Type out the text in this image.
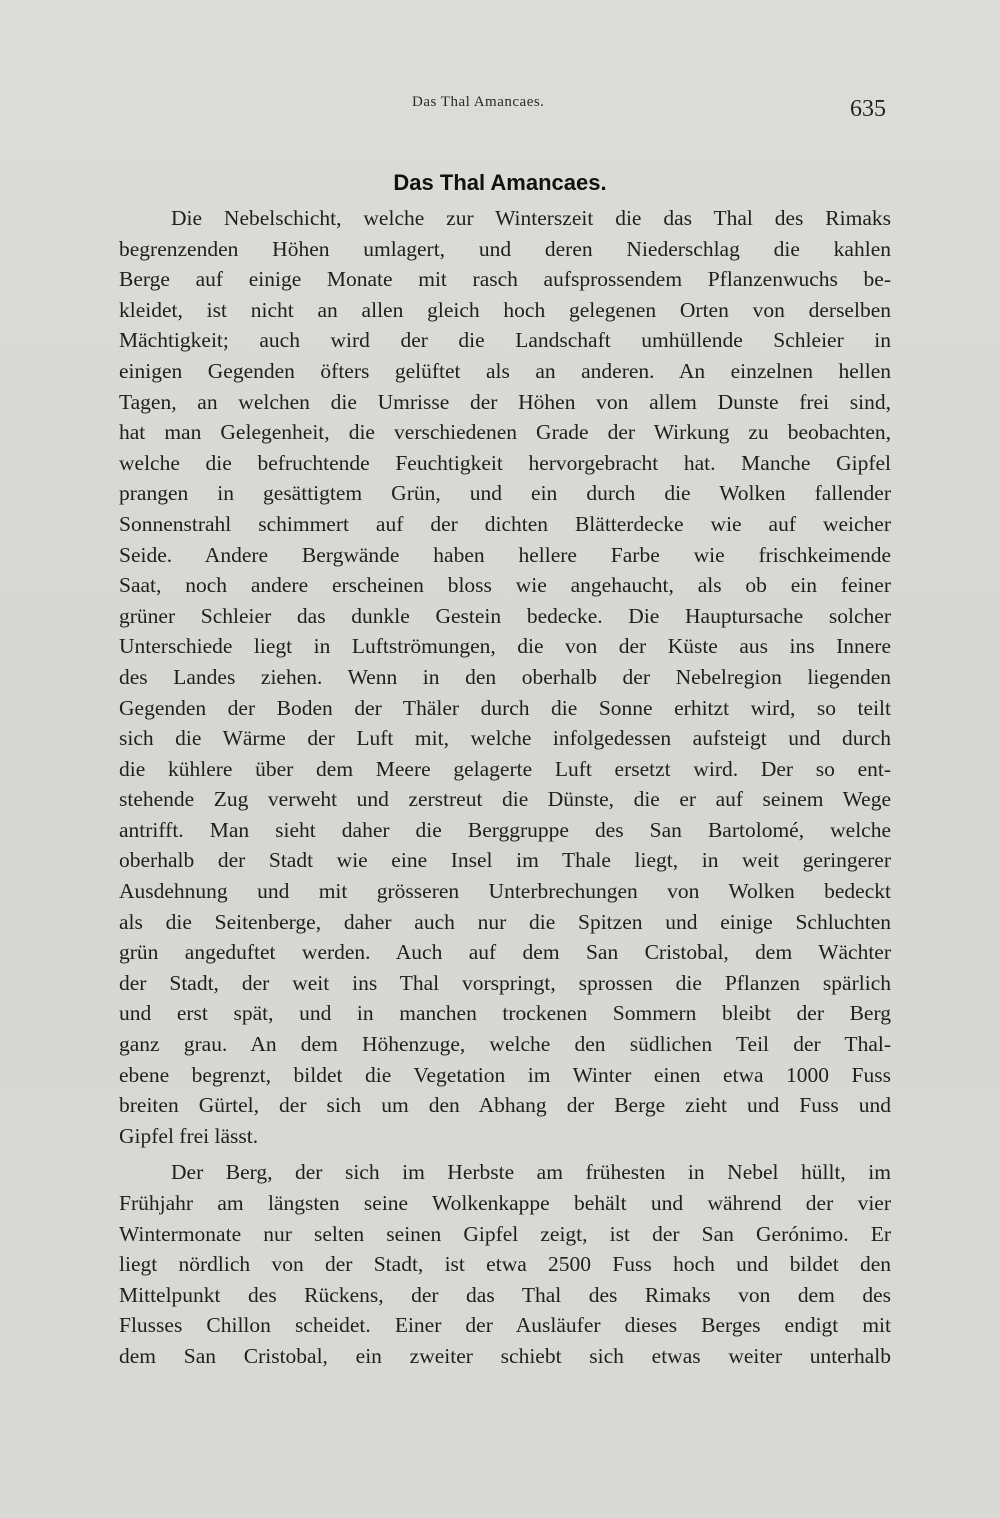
Das Thal Amancaes.	635
Das Thal Amancaes.
Die Nebelschicht, welche zur Winterszeit die das Thal des Rimaks
begrenzenden Höhen umlagert, und deren Niederschlag die kahlen
Berge auf einige Monate mit rasch aufsprossendem Pflanzenwuchs be-
kleidet, ist nicht an allen gleich hoch gelegenen Orten von derselben
Mächtigkeit; auch wird der die Landschaft umhüllende Schleier in
einigen Gegenden öfters gelüftet als an anderen. An einzelnen hellen
Tagen, an welchen die Umrisse der Höhen von allem Dunste frei sind,
hat man Gelegenheit, die verschiedenen Grade der Wirkung zu beobachten,
welche die befruchtende Feuchtigkeit hervorgebracht hat. Manche Gipfel
prangen in gesättigtem Grün, und ein durch die Wolken fallender
Sonnenstrahl schimmert auf der dichten Blätterdecke wie auf weicher
Seide. Andere Bergwände haben hellere Farbe wie frischkeimende
Saat, noch andere erscheinen bloss wie angehaucht, als ob ein feiner
grüner Schleier das dunkle Gestein bedecke. Die Hauptursache solcher
Unterschiede liegt in Luftströmungen, die von der Küste aus ins Innere
des Landes ziehen. Wenn in den oberhalb der Nebelregion liegenden
Gegenden der Boden der Thäler durch die Sonne erhitzt wird, so teilt
sich die Wärme der Luft mit, welche infolgedessen aufsteigt und durch
die kühlere über dem Meere gelagerte Luft ersetzt wird. Der so ent-
stehende Zug verweht und zerstreut die Dünste, die er auf seinem Wege
antrifft. Man sieht daher die Berggruppe des San Bartolomé, welche
oberhalb der Stadt wie eine Insel im Thale liegt, in weit geringerer
Ausdehnung und mit grösseren Unterbrechungen von Wolken bedeckt
als die Seitenberge, daher auch nur die Spitzen und einige Schluchten
grün angeduftet werden. Auch auf dem San Cristobal, dem Wächter
der Stadt, der weit ins Thal vorspringt, sprossen die Pflanzen spärlich
und erst spät, und in manchen trockenen Sommern bleibt der Berg
ganz grau. An dem Höhenzuge, welche den südlichen Teil der Thal-
ebene begrenzt, bildet die Vegetation im Winter einen etwa 1000 Fuss
breiten Gürtel, der sich um den Abhang der Berge zieht und Fuss und
Gipfel frei lässt.
Der Berg, der sich im Herbste am frühesten in Nebel hüllt, im
Frühjahr am längsten seine Wolkenkappe behält und während der vier
Wintermonate nur selten seinen Gipfel zeigt, ist der San Gerónimo. Er
liegt nördlich von der Stadt, ist etwa 2500 Fuss hoch und bildet den
Mittelpunkt des Rückens, der das Thal des Rimaks von dem des
Flusses Chillon scheidet. Einer der Ausläufer dieses Berges endigt mit
dem San Cristobal, ein zweiter schiebt sich etwas weiter unterhalb
